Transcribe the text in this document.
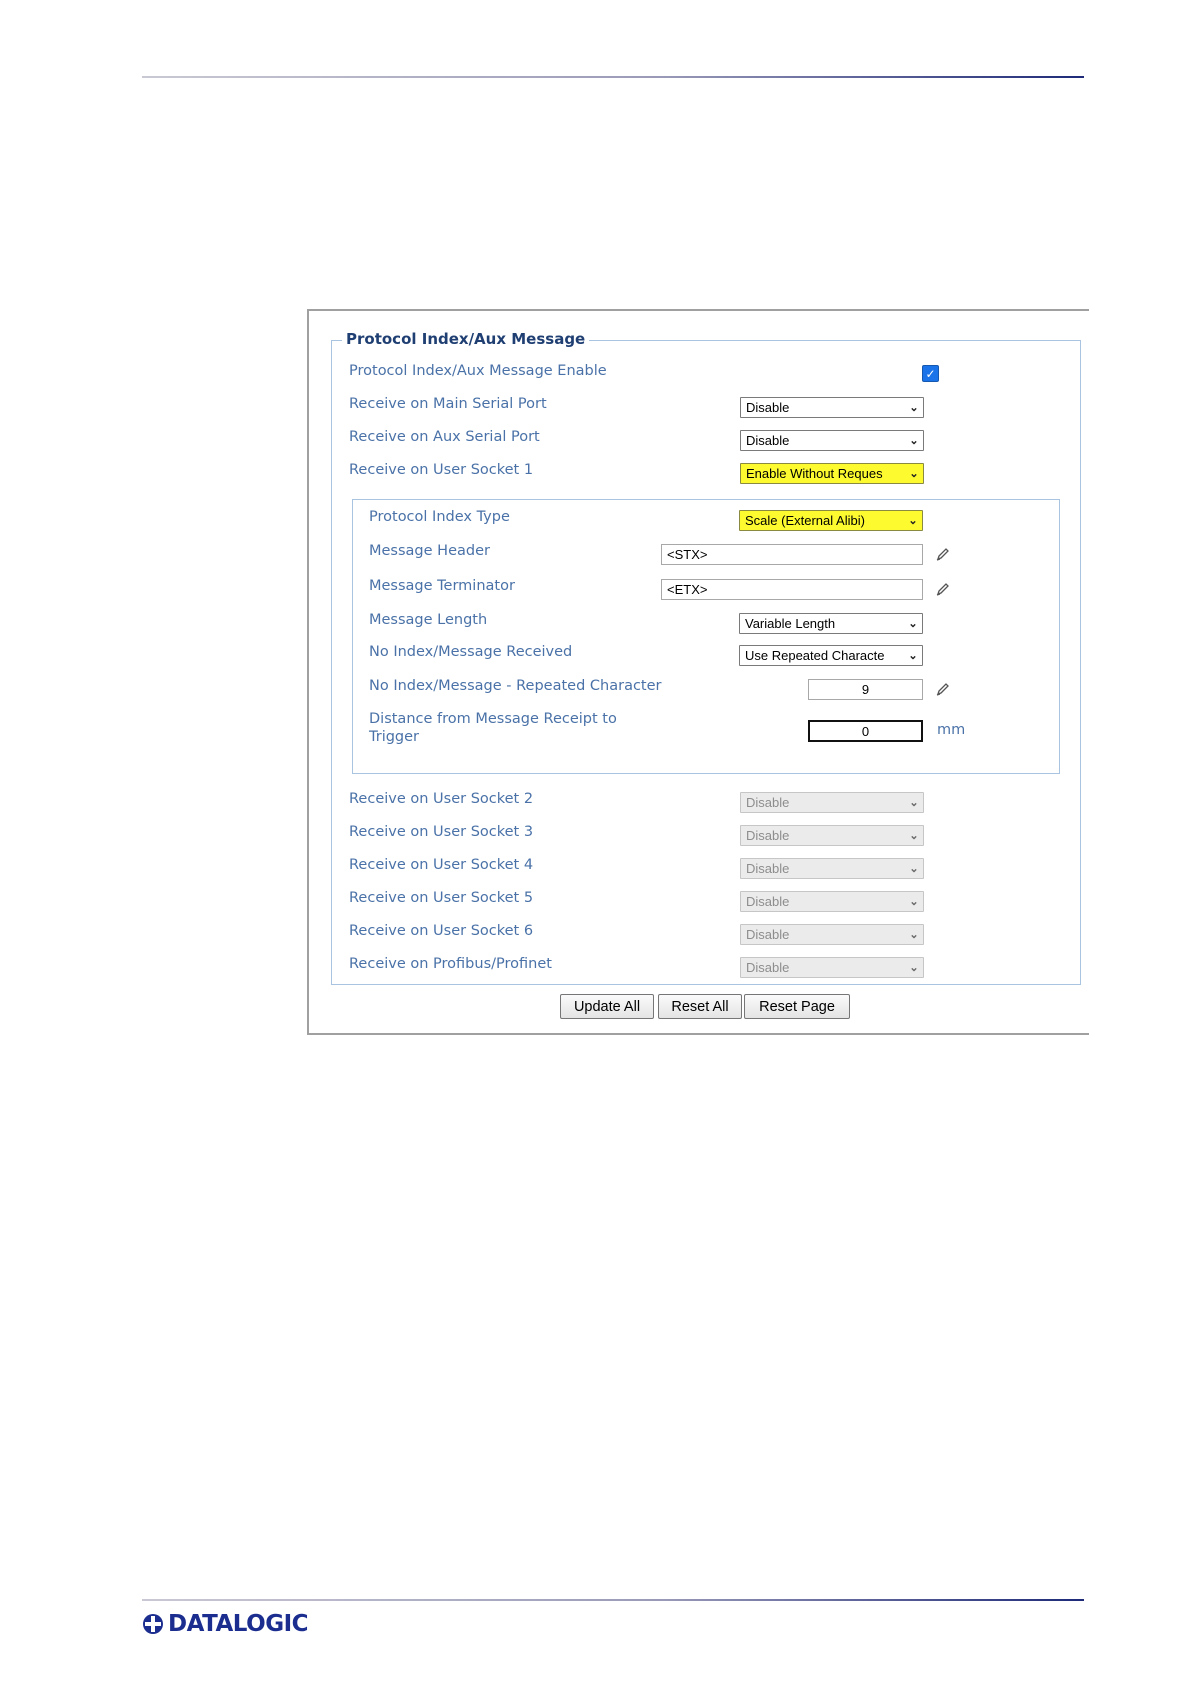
Protocol Index/Aux Message
Protocol Index/Aux Message Enable	✓
Receive on Main Serial Port	Disable	⌄
Receive on Aux Serial Port	Disable	⌄
Receive on User Socket 1	Enable Without Reques	⌄
Protocol Index Type	Scale (External Alibi)	⌄
Message Header	<STX>
Message Terminator	<ETX>
Message Length	Variable Length	⌄
No Index/Message Received	Use Repeated Characte	⌄
No Index/Message - Repeated Character	9
Distance from Message Receipt to Trigger	0	mm
Receive on User Socket 2	Disable	⌄
Receive on User Socket 3	Disable	⌄
Receive on User Socket 4	Disable	⌄
Receive on User Socket 5	Disable	⌄
Receive on User Socket 6	Disable	⌄
Receive on Profibus/Profinet	Disable	⌄
Update All	Reset All	Reset Page
DATALOGIC
